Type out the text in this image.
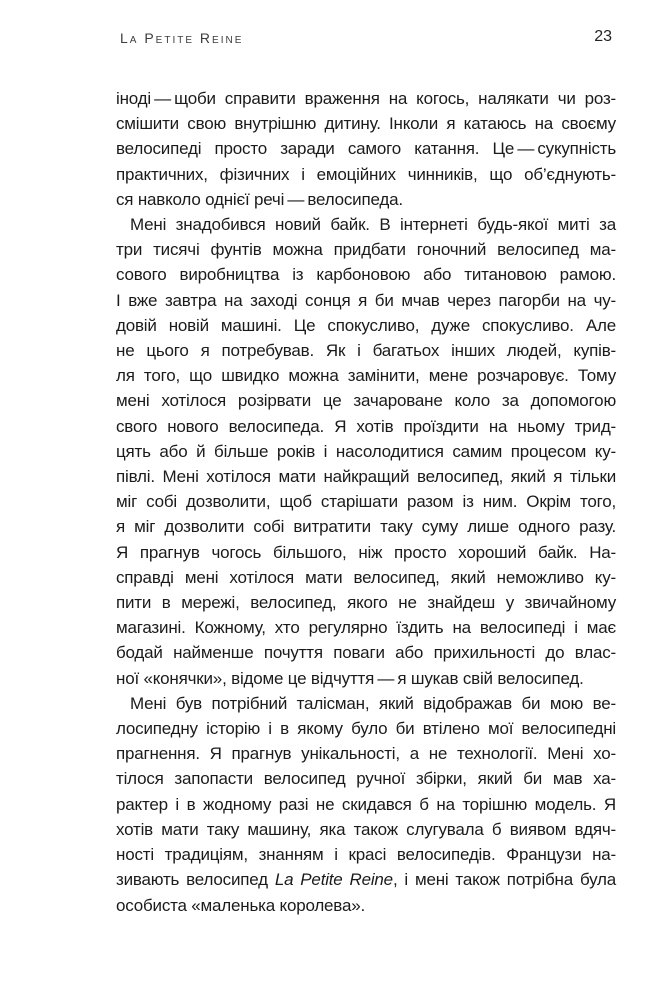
La Petite Reine	23
іноді — щоби справити враження на когось, налякати чи роз-
смішити свою внутрішню дитину. Інколи я катаюсь на своєму
велосипеді просто заради самого катання. Це — сукупність
практичних, фізичних і емоційних чинників, що об’єднують-
ся навколо однієї речі — велосипеда.
Мені знадобився новий байк. В інтернеті будь-якої миті за
три тисячі фунтів можна придбати гоночний велосипед ма-
сового виробництва із карбоновою або титановою рамою.
І вже завтра на заході сонця я би мчав через пагорби на чу-
довій новій машині. Це спокусливо, дуже спокусливо. Але
не цього я потребував. Як і багатьох інших людей, купів-
ля того, що швидко можна замінити, мене розчаровує. Тому
мені хотілося розірвати це зачароване коло за допомогою
свого нового велосипеда. Я хотів проїздити на ньому трид-
цять або й більше років і насолодитися самим процесом ку-
півлі. Мені хотілося мати найкращий велосипед, який я тільки
міг собі дозволити, щоб старішати разом із ним. Окрім того,
я міг дозволити собі витратити таку суму лише одного разу.
Я прагнув чогось більшого, ніж просто хороший байк. На-
справді мені хотілося мати велосипед, який неможливо ку-
пити в мережі, велосипед, якого не знайдеш у звичайному
магазині. Кожному, хто регулярно їздить на велосипеді і має
бодай найменше почуття поваги або прихильності до влас-
ної «конячки», відоме це відчуття — я шукав свій велосипед.
Мені був потрібний талісман, який відображав би мою ве-
лосипедну історію і в якому було би втілено мої велосипедні
прагнення. Я прагнув унікальності, а не технології. Мені хо-
тілося запопасти велосипед ручної збірки, який би мав ха-
рактер і в жодному разі не скидався б на торішню модель. Я
хотів мати таку машину, яка також слугувала б виявом вдяч-
ності традиціям, знанням і красі велосипедів. Французи на-
зивають велосипед La Petite Reine, і мені також потрібна була
особиста «маленька королева».
